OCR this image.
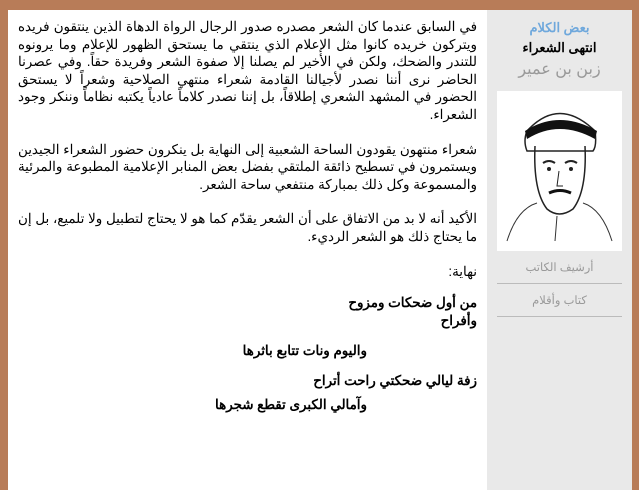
في السابق عندما كان الشعر مصدره صدور الرجال الرواة الدهاة الذين ينتقون فريده ويتركون خريده كانوا مثل الإعلام الذي ينتقي ما يستحق الظهور للإعلام وما يرونوه للتندر والضحك، ولكن في الأخير لم يصلنا إلا صفوة الشعر وفريدة حقاً. وفي عصرنا الحاضر نرى أننا نصدر لأجيالنا القادمة شعراء منتهي الصلاحية وشعراً لا يستحق الحضور في المشهد الشعري إطلاقاً، بل إننا نصدر كلاماً عادياً يكتبه نظاماً وننكر وجود الشعراء.

شعراء منتهون يقودون الساحة الشعبية إلى النهاية بل ينكرون حضور الشعراء الجيدين ويستمرون في تسطيح ذائقة الملتقي بفضل بعض المنابر الإعلامية المطبوعة والمرئية والمسموعة وكل ذلك بمباركة منتفعي ساحة الشعر.

الأكيد أنه لا بد من الاتفاق على أن الشعر يقدّم كما هو لا يحتاج لتطبيل ولا تلميع، بل إن ما يحتاج ذلك هو الشعر الرديء.

نهاية:

من أول ضحكات ومزوح
وأفراح
واليوم ونات تتابع باثرها
زفة ليالي ضحكتي راحت أتراح
وآمالي الكبرى تقطع شجرها
بعض الكلام
انتهى الشعراء
زبن بن عمير
أرشيف الكاتب
كتاب وأقلام
